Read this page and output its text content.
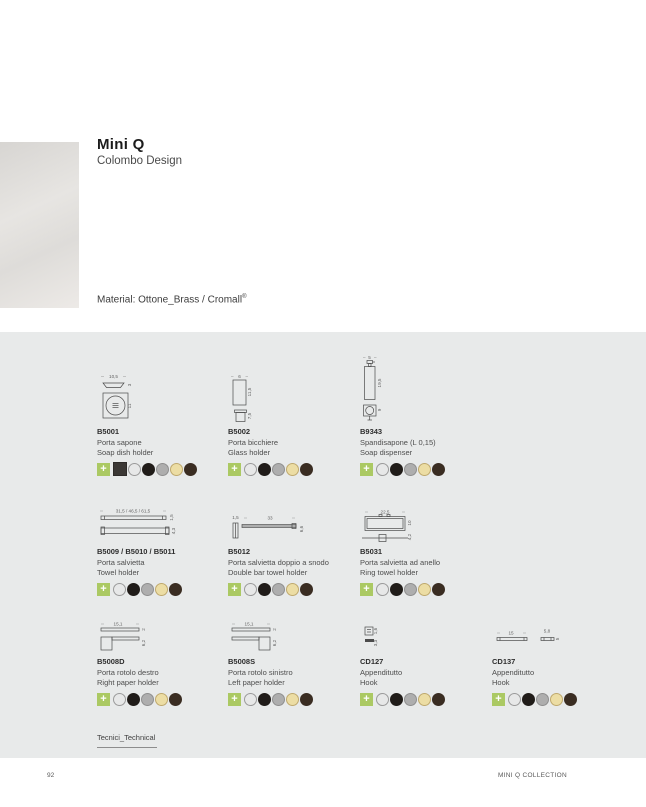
Mini Q
Colombo Design
Material: Ottone_Brass / Cromall®
10,5
3
11
B5001
Porta sapone
Soap dish holder
+
6
11,5
7,5
B5002
Porta bicchiere
Glass holder
+
5
19,5
9
B9343
Spandisapone (L 0,15)
Soap dispenser
+
31,5 / 46,5 / 61,5
1,5
4,3
B5009 / B5010 / B5011
Porta salvietta
Towel holder
+
1,5	33
6,6
B5012
Porta salvietta doppio a snodo
Double bar towel holder
+
22,5
10
4,2
B5031
Porta salvietta ad anello
Ring towel holder
+
15,1
2
6,2
B5008D
Porta rotolo destro
Right paper holder
+
15,1
2
6,2
B5008S
Porta rotolo sinistro
Left paper holder
+
1,6
3,3
CD127
Appenditutto
Hook
+
15	5,8
5
CD137
Appenditutto
Hook
+
Tecnici_Technical
92	MINI Q COLLECTION
